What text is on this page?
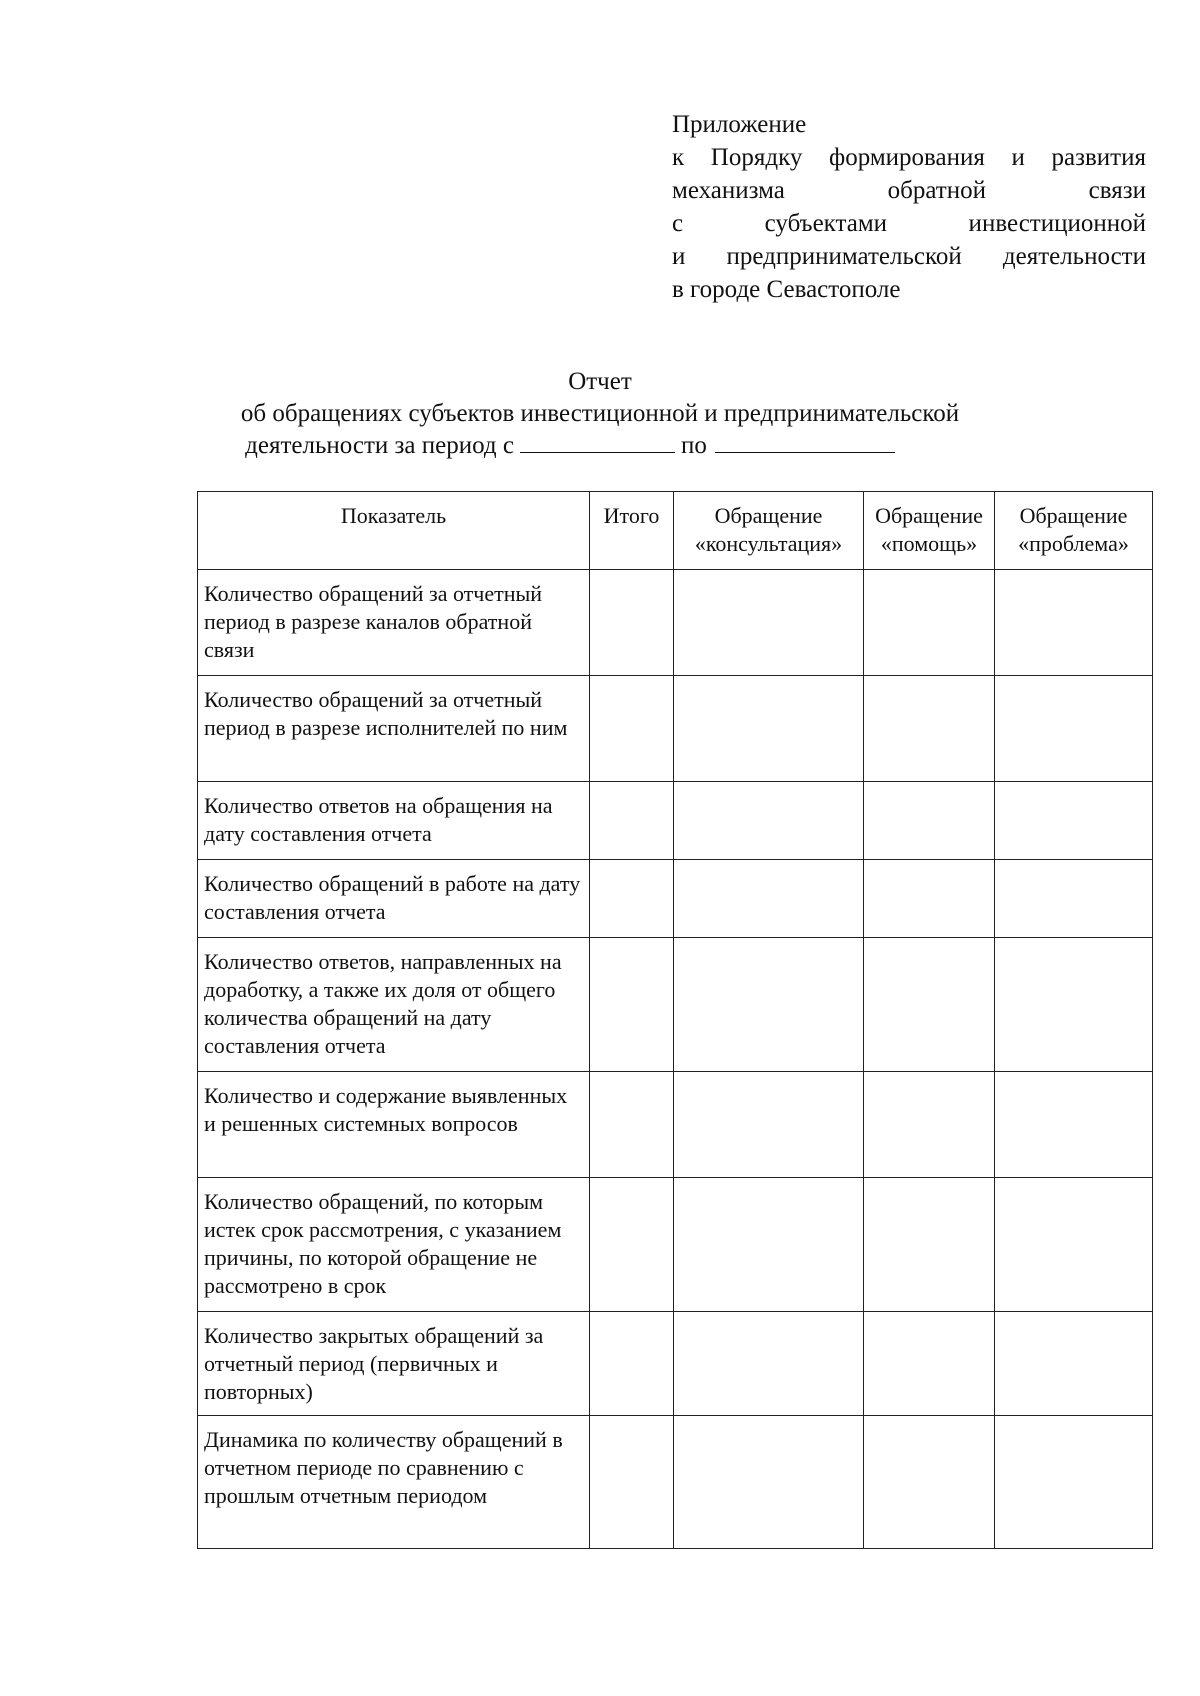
Приложение
к Порядку формирования и развития
механизма обратной связи
с субъектами инвестиционной
и предпринимательской деятельности
в городе Севастополе
Отчет
об обращениях субъектов инвестиционной и предпринимательской
деятельности за период с	по
Показатель	Итого	Обращение «консультация»	Обращение «помощь»	Обращение «проблема»
Количество обращений за отчетный период в разрезе каналов обратной связи				
Количество обращений за отчетный период в разрезе исполнителей по ним				
Количество ответов на обращения на дату составления отчета				
Количество обращений в работе на дату составления отчета				
Количество ответов, направленных на доработку, а также их доля от общего количества обращений на дату составления отчета				
Количество и содержание выявленных и решенных системных вопросов				
Количество обращений, по которым истек срок рассмотрения, с указанием причины, по которой обращение не рассмотрено в срок				
Количество закрытых обращений за отчетный период (первичных и повторных)				
Динамика по количеству обращений в отчетном периоде по сравнению с прошлым отчетным периодом				
